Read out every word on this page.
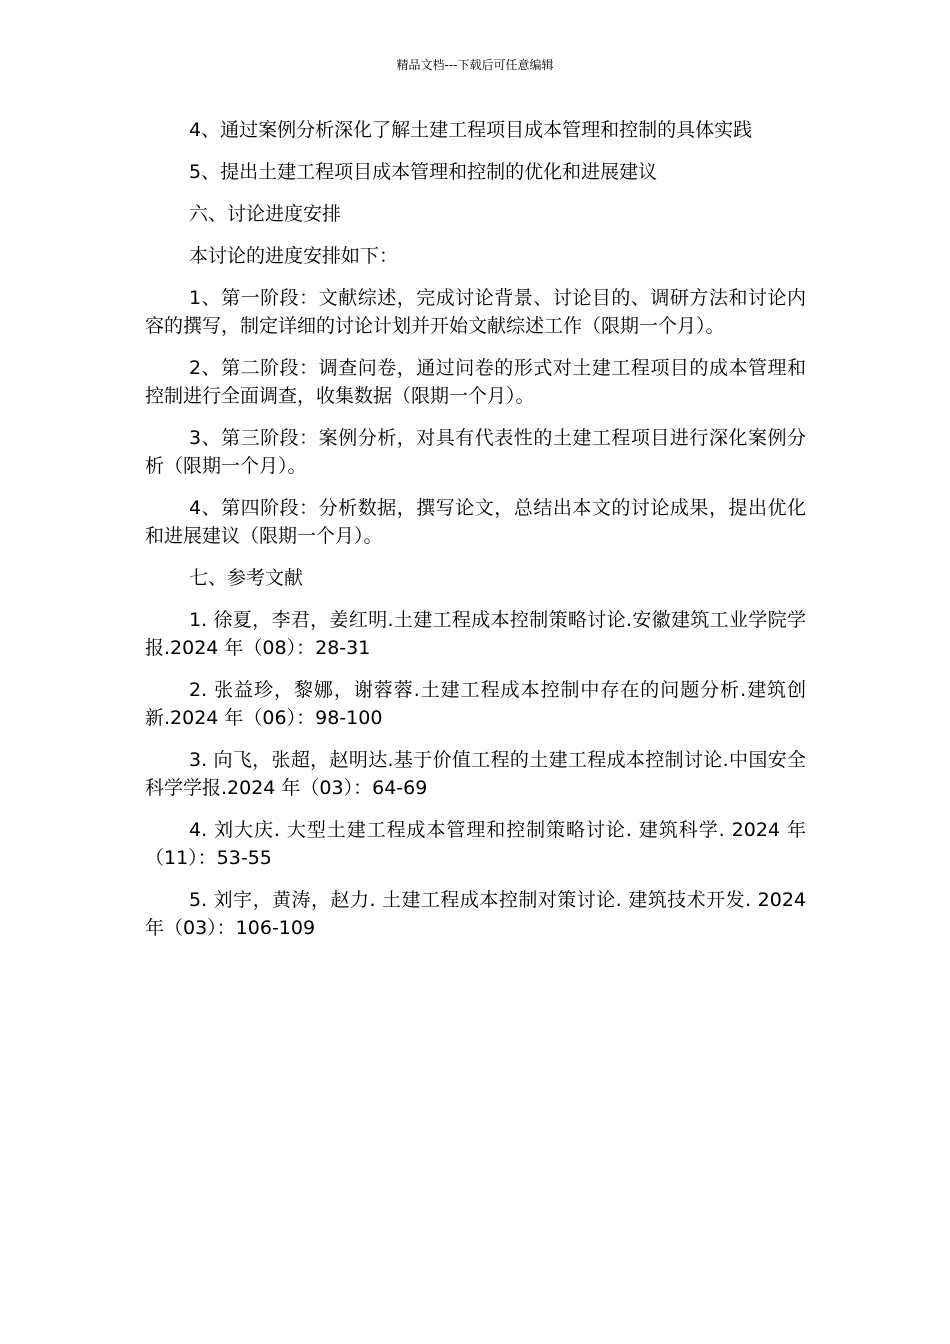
精品文档---下载后可任意编辑

4、通过案例分析深化了解土建工程项目成本管理和控制的具体实践

5、提出土建工程项目成本管理和控制的优化和进展建议

六、讨论进度安排

本讨论的进度安排如下：

1、第一阶段：文献综述，完成讨论背景、讨论目的、调研方法和讨论内容的撰写，制定详细的讨论计划并开始文献综述工作（限期一个月）。

2、第二阶段：调查问卷，通过问卷的形式对土建工程项目的成本管理和控制进行全面调查，收集数据（限期一个月）。

3、第三阶段：案例分析，对具有代表性的土建工程项目进行深化案例分析（限期一个月）。

4、第四阶段：分析数据，撰写论文，总结出本文的讨论成果，提出优化和进展建议（限期一个月）。

七、参考文献

1. 徐夏，李君，姜红明.土建工程成本控制策略讨论.安徽建筑工业学院学报.2024 年（08）：28-31

2. 张益珍，黎娜，谢蓉蓉.土建工程成本控制中存在的问题分析.建筑创新.2024 年（06）：98-100

3. 向飞，张超，赵明达.基于价值工程的土建工程成本控制讨论.中国安全科学学报.2024 年（03）：64-69

4. 刘大庆. 大型土建工程成本管理和控制策略讨论. 建筑科学. 2024 年（11）：53-55

5. 刘宇，黄涛，赵力. 土建工程成本控制对策讨论. 建筑技术开发. 2024 年（03）：106-109
